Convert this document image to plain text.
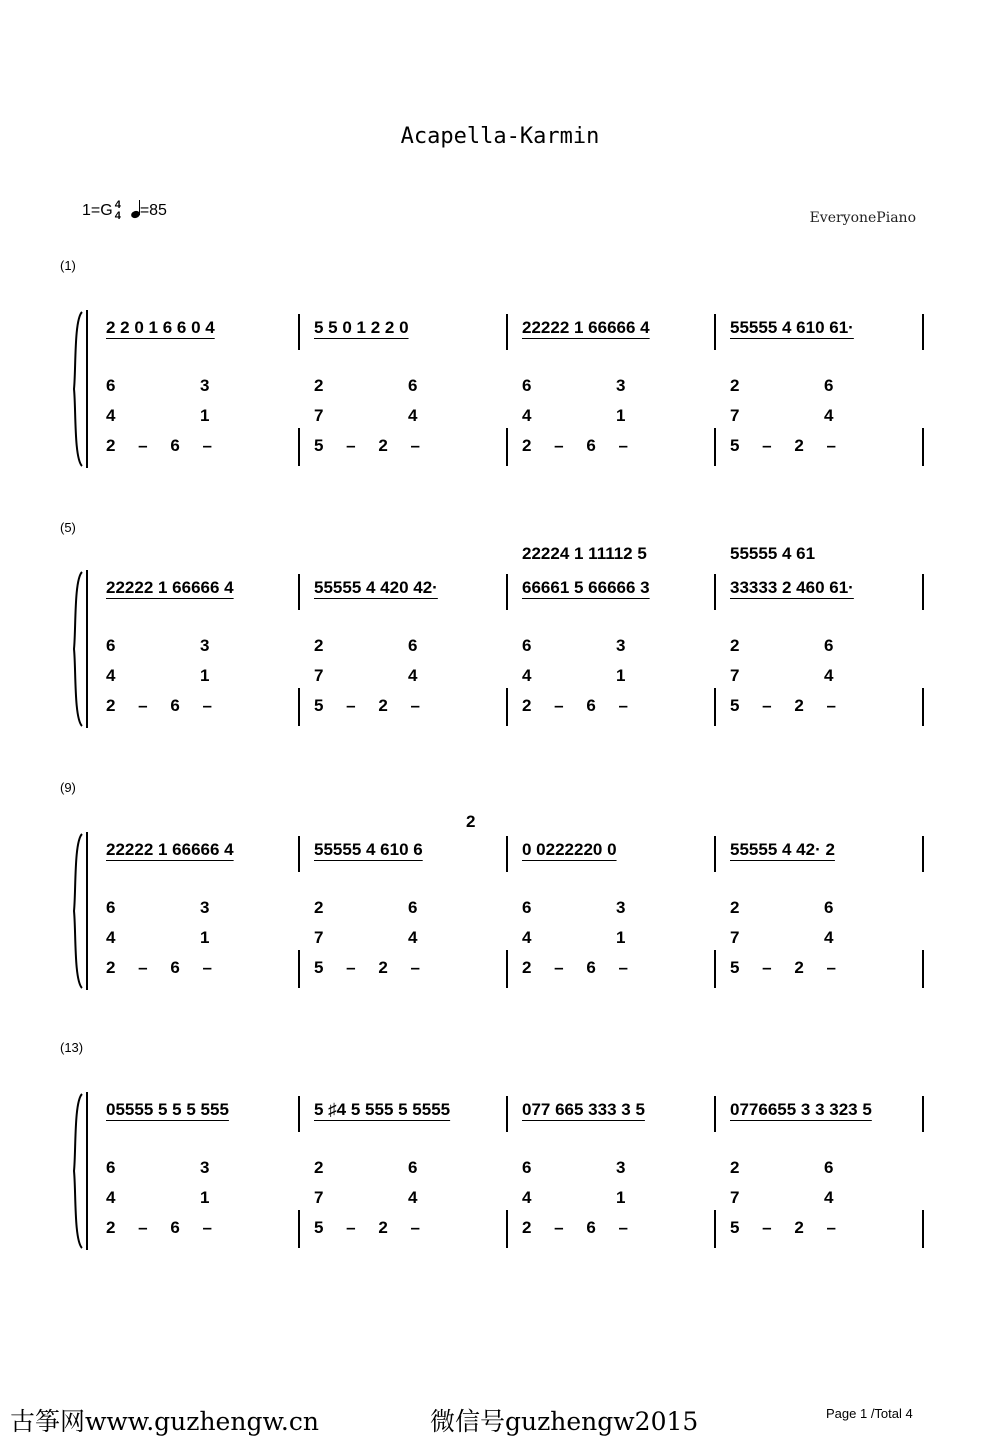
Acapella-Karmin
1=G 4
4 =85	EveryonePiano
(1)
2 2 0 1 6 6 0 4
6
4
2 – 6 –
5 5 0 1 2 2 0
2
7
5 – 2 –
22222 1 66666 4
6
4
2 – 6 –
55555 4 610 61·
2
7
5 – 2 –
3
1
6
4
3
1
6
4
(5)
22222 1 66666 4
6
4
2 – 6 –
55555 4 420 42·
2
7
5 – 2 –
22224 1 11112 5
66661 5 66666 3
6
4
2 – 6 –
55555 4 61
33333 2 460 61·
2
7
5 – 2 –
3
1
6
4
3
1
6
4
(9)
22222 1 66666 4
6
4
2 – 6 –
2
55555 4 610 6
2
7
5 – 2 –
0 0222220 0
6
4
2 – 6 –
55555 4 42· 2
2
7
5 – 2 –
3
1
6
4
3
1
6
4
(13)
05555 5 5 5 555
6
4
2 – 6 –
5 ♯4 5 555 5 5555
2
7
5 – 2 –
077 665 333 3 5
6
4
2 – 6 –
0776655 3 3 323 5
2
7
5 – 2 –
3
1
6
4
3
1
6
4
古筝网www.guzhengw.cn	微信号guzhengw2015	Page 1 /Total 4
